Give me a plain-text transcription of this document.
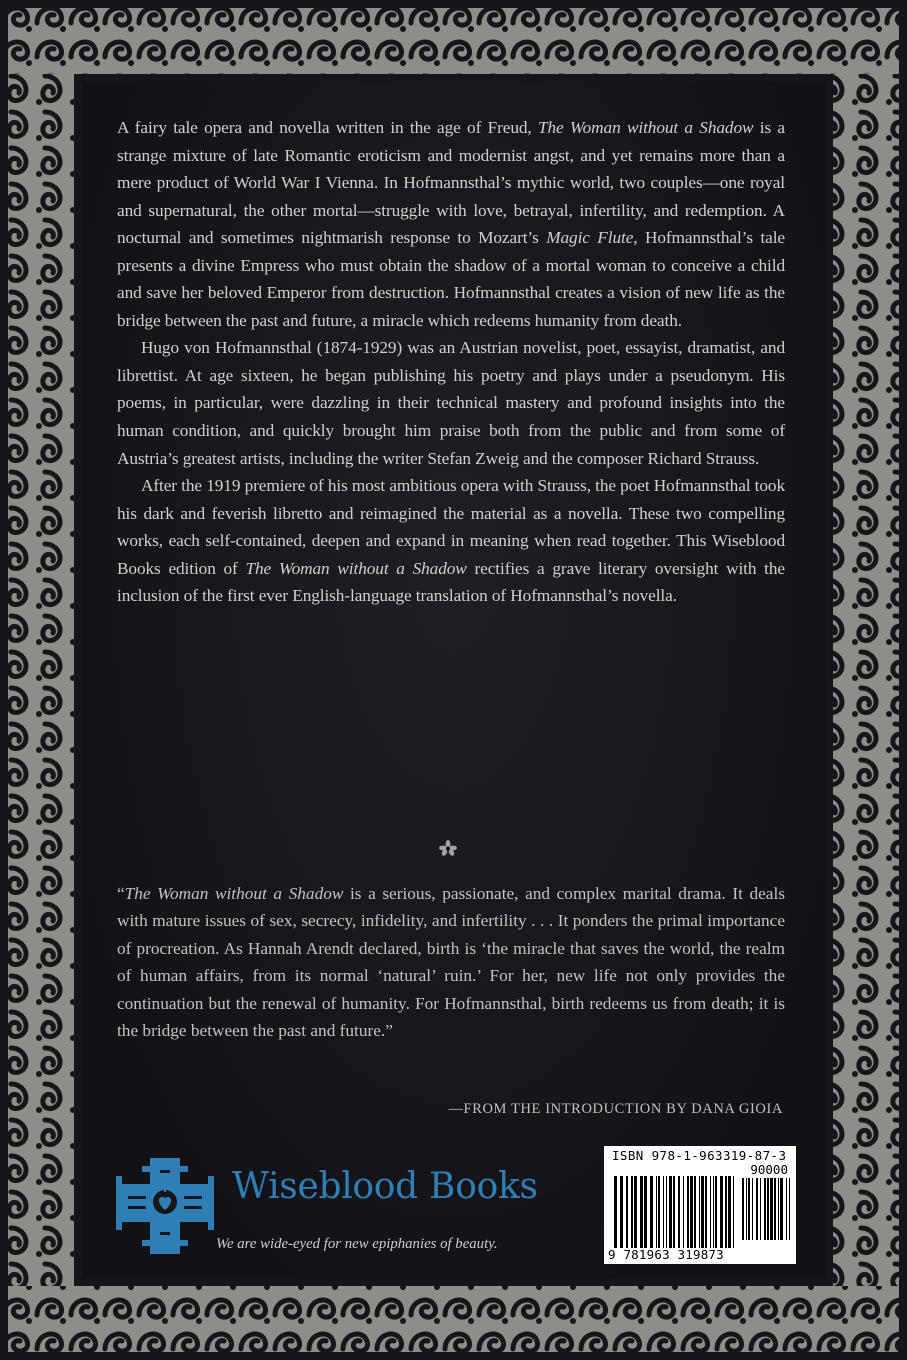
A fairy tale opera and novella written in the age of Freud, The Woman without a Shadow is a strange mixture of late Romantic eroticism and modernist angst, and yet remains more than a mere product of World War I Vienna. In Hofmannsthal’s mythic world, two couples—one royal and supernatural, the other mortal—struggle with love, betrayal, infertility, and redemption. A nocturnal and sometimes nightmarish response to Mozart’s Magic Flute, Hofmannsthal’s tale presents a divine Empress who must obtain the shadow of a mortal woman to conceive a child and save her beloved Emperor from destruction. Hofmannsthal creates a vision of new life as the bridge between the past and future, a miracle which redeems humanity from death.

Hugo von Hofmannsthal (1874-1929) was an Austrian novelist, poet, essayist, dramatist, and librettist. At age sixteen, he began publishing his poetry and plays under a pseudonym. His poems, in particular, were dazzling in their technical mastery and profound insights into the human condition, and quickly brought him praise both from the public and from some of Austria’s greatest artists, including the writer Stefan Zweig and the composer Richard Strauss.

After the 1919 premiere of his most ambitious opera with Strauss, the poet Hofmannsthal took his dark and feverish libretto and reimagined the material as a novella. These two compelling works, each self-contained, deepen and expand in meaning when read together. This Wiseblood Books edition of The Woman without a Shadow rectifies a grave literary oversight with the inclusion of the first ever English-language translation of Hofmannsthal’s novella.

“The Woman without a Shadow is a serious, passionate, and complex marital drama. It deals with mature issues of sex, secrecy, infidelity, and infertility . . . It ponders the primal importance of procreation. As Hannah Arendt declared, birth is ‘the miracle that saves the world, the realm of human affairs, from its normal ‘natural’ ruin.’ For her, new life not only provides the continuation but the renewal of humanity. For Hofmannsthal, birth redeems us from death; it is the bridge between the past and future.”

—FROM THE INTRODUCTION BY DANA GIOIA
Wiseblood Books
We are wide-eyed for new epiphanies of beauty.
ISBN 978-1-963319-87-3
90000
9 781963 319873
